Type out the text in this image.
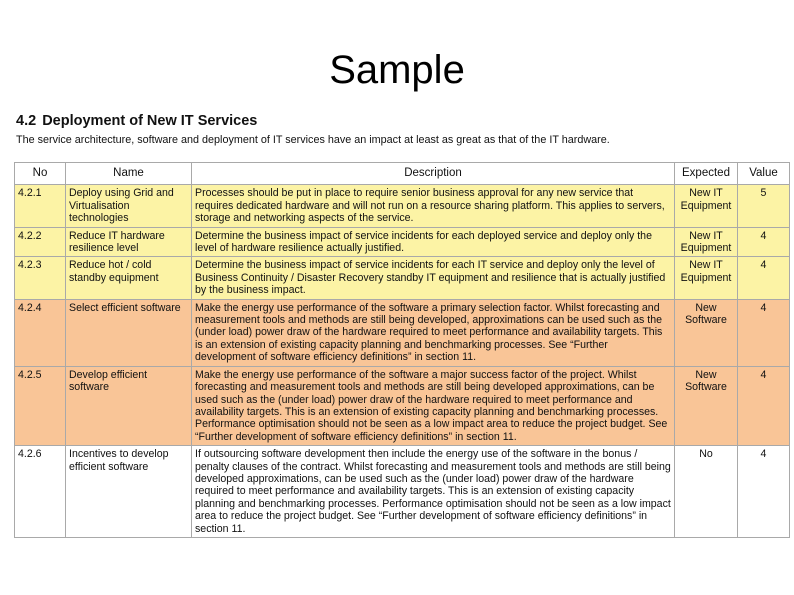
Sample
4.2 Deployment of New IT Services
The service architecture, software and deployment of IT services have an impact at least as great as that of the IT hardware.
No	Name	Description	Expected	Value
4.2.1	Deploy using Grid and Virtualisation technologies	Processes should be put in place to require senior business approval for any new service that requires dedicated hardware and will not run on a resource sharing platform. This applies to servers, storage and networking aspects of the service.	New IT Equipment	5
4.2.2	Reduce IT hardware resilience level	Determine the business impact of service incidents for each deployed service and deploy only the level of hardware resilience actually justified.	New IT Equipment	4
4.2.3	Reduce hot / cold standby equipment	Determine the business impact of service incidents for each IT service and deploy only the level of Business Continuity / Disaster Recovery standby IT equipment and resilience that is actually justified by the business impact.	New IT Equipment	4
4.2.4	Select efficient software	Make the energy use performance of the software a primary selection factor. Whilst forecasting and measurement tools and methods are still being developed, approximations can be used such as the (under load) power draw of the hardware required to meet performance and availability targets. This is an extension of existing capacity planning and benchmarking processes. See “Further development of software efficiency definitions” in section 11.	New Software	4
4.2.5	Develop efficient software	Make the energy use performance of the software a major success factor of the project. Whilst forecasting and measurement tools and methods are still being developed approximations, can be used such as the (under load) power draw of the hardware required to meet performance and availability targets. This is an extension of existing capacity planning and benchmarking processes. Performance optimisation should not be seen as a low impact area to reduce the project budget. See “Further development of software efficiency definitions” in section 11.	New Software	4
4.2.6	Incentives to develop efficient software	If outsourcing software development then include the energy use of the software in the bonus / penalty clauses of the contract. Whilst forecasting and measurement tools and methods are still being developed approximations, can be used such as the (under load) power draw of the hardware required to meet performance and availability targets. This is an extension of existing capacity planning and benchmarking processes. Performance optimisation should not be seen as a low impact area to reduce the project budget. See “Further development of software efficiency definitions” in section 11.	No	4
